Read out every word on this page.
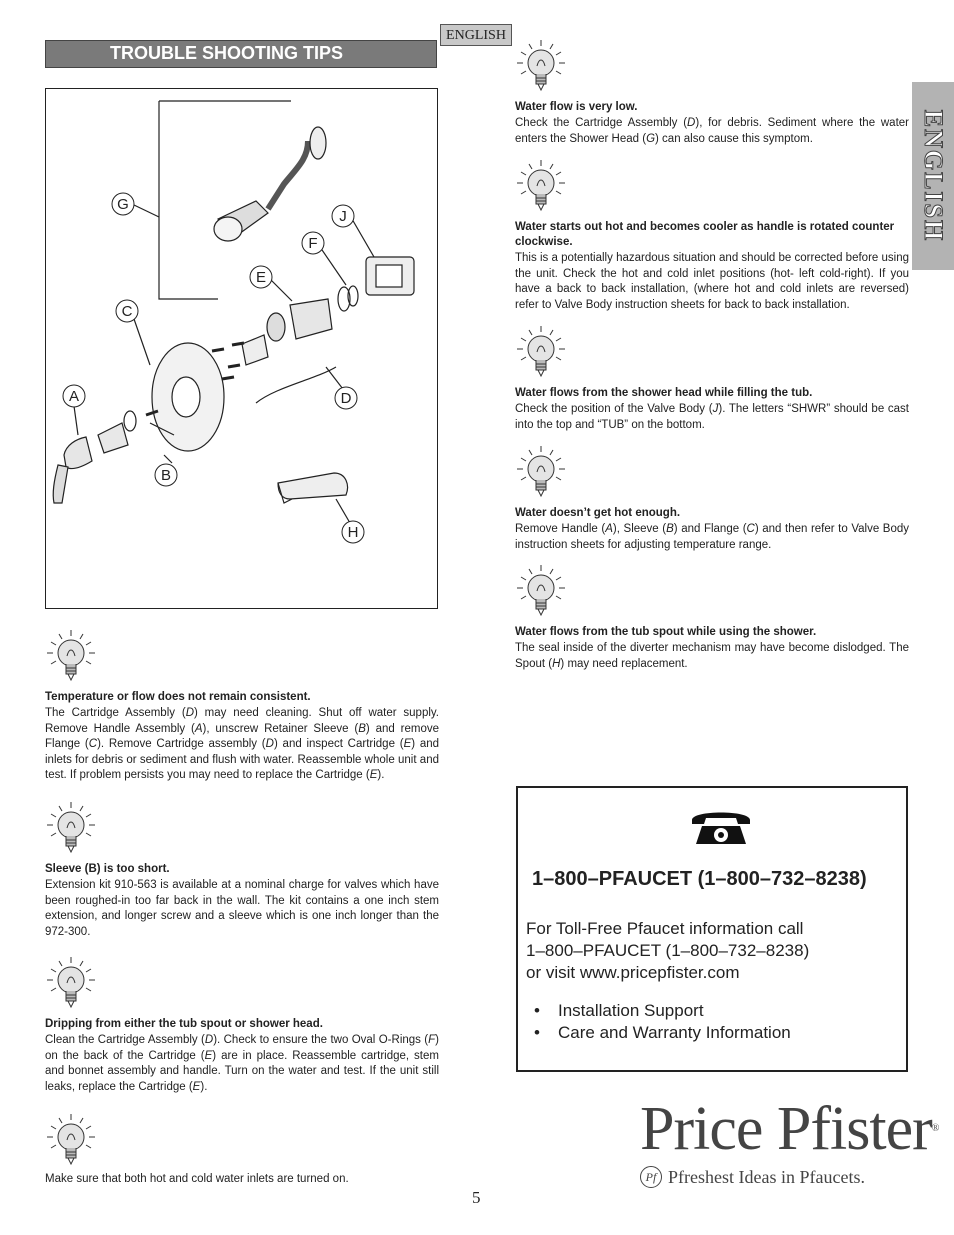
ENGLISH
TROUBLE SHOOTING TIPS
ENGLISH
G
J
F
E
C
A	D
B
H
Temperature or flow does not remain consistent.

The Cartridge Assembly (D) may need cleaning. Shut off water supply. Remove Handle Assembly (A), unscrew Retainer Sleeve (B) and remove Flange (C). Remove Cartridge assembly (D) and inspect Cartridge (E) and inlets for debris or sediment and flush with water. Reassemble whole unit and test. If problem persists you may need to replace the Cartridge (E).

Sleeve (B) is too short.

Extension kit 910-563 is available at a nominal charge for valves which have been roughed-in too far back in the wall. The kit contains a one inch stem extension, and longer screw and a sleeve which is one inch longer than the 972-300.

Dripping from either the tub spout or shower head.

Clean the Cartridge Assembly (D). Check to ensure the two Oval O-Rings (F) on the back of the Cartridge (E) are in place. Reassemble cartridge, stem and bonnet assembly and handle. Turn on the water and test. If the unit still leaks, replace the Cartridge (E).

Make sure that both hot and cold water inlets are turned on.

Water flow is very low.

Check the Cartridge Assembly (D), for debris. Sediment where the water enters the Shower Head (G) can also cause this symptom.

Water starts out hot and becomes cooler as handle is rotated counter clockwise.

This is a potentially hazardous situation and should be corrected before using the unit. Check the hot and cold inlet positions (hot- left cold-right). If you have a back to back installation, (where hot and cold inlets are reversed) refer to Valve Body instruction sheets for back to back installation.

Water flows from the shower head while filling the tub.

Check the position of the Valve Body (J). The letters “SHWR” should be cast into the top and “TUB” on the bottom.

Water doesn’t get hot enough.

Remove Handle (A), Sleeve (B) and Flange (C) and then refer to Valve Body instruction sheets for adjusting temperature range.

Water flows from the tub spout while using the shower.

The seal inside of the diverter mechanism may have become dislodged. The Spout (H) may need replacement.

1–800–PFAUCET (1–800–732–8238)
For Toll-Free Pfaucet information call
1–800–PFAUCET (1–800–732–8238)
or visit www.pricepfister.com
• Installation Support
• Care and Warranty Information
Price Pfister®
Pf Pfreshest Ideas in Pfaucets.
5
